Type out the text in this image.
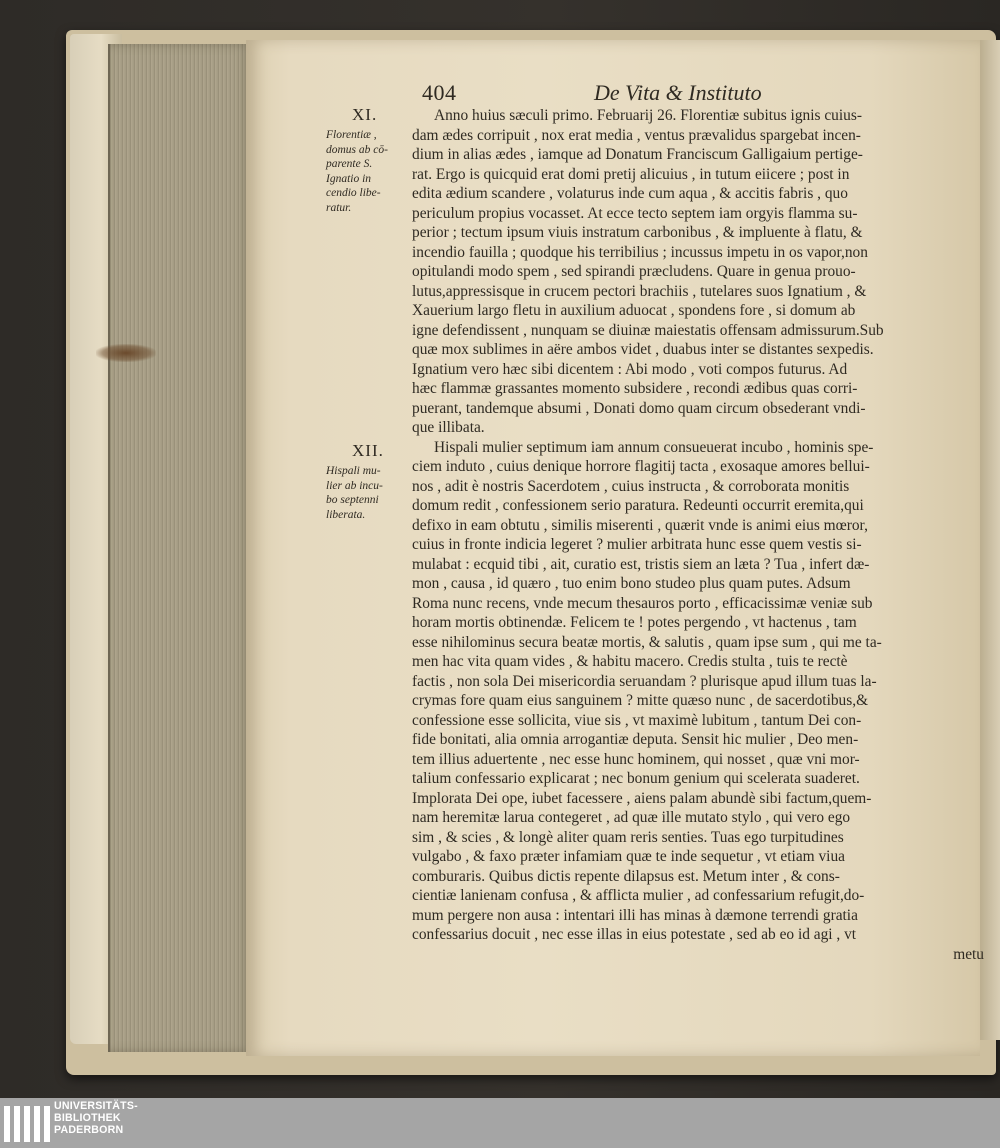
404	De Vita & Instituto
XI.
Florentiæ ,
domus ab cō-
parente S.
Ignatio in
cendio libe-
ratur.
XII.
Hispali mu-
lier ab incu-
bo septenni
liberata.
Anno huius sæculi primo. Februarij 26. Florentiæ subitus ignis cuius-
dam ædes corripuit , nox erat media , ventus prævalidus spargebat incen-
dium in alias ædes , iamque ad Donatum Franciscum Galligaium pertige-
rat. Ergo is quicquid erat domi pretij alicuius , in tutum eiicere ; post in
edita ædium scandere , volaturus inde cum aqua , & accitis fabris , quo
periculum propius vocasset. At ecce tecto septem iam orgyis flamma su-
perior ; tectum ipsum viuis instratum carbonibus , & impluente à flatu, &
incendio fauilla ; quodque his terribilius ; incussus impetu in os vapor,non
opitulandi modo spem , sed spirandi præcludens. Quare in genua prouo-
lutus,appressisque in crucem pectori brachiis , tutelares suos Ignatium , &
Xauerium largo fletu in auxilium aduocat , spondens fore , si domum ab
igne defendissent , nunquam se diuinæ maiestatis offensam admissurum.Sub
quæ mox sublimes in aëre ambos videt , duabus inter se distantes sexpedis.
Ignatium vero hæc sibi dicentem : Abi modo , voti compos futurus. Ad
hæc flammæ grassantes momento subsidere , recondi ædibus quas corri-
puerant, tandemque absumi , Donati domo quam circum obsederant vndi-
que illibata.
Hispali mulier septimum iam annum consueuerat incubo , hominis spe-
ciem induto , cuius denique horrore flagitij tacta , exosaque amores bellui-
nos , adit è nostris Sacerdotem , cuius instructa , & corroborata monitis
domum redit , confessionem serio paratura. Redeunti occurrit eremita,qui
defixo in eam obtutu , similis miserenti , quærit vnde is animi eius mœror,
cuius in fronte indicia legeret ? mulier arbitrata hunc esse quem vestis si-
mulabat : ecquid tibi , ait, curatio est, tristis siem an læta ? Tua , infert dæ-
mon , causa , id quæro , tuo enim bono studeo plus quam putes. Adsum
Roma nunc recens, vnde mecum thesauros porto , efficacissimæ veniæ sub
horam mortis obtinendæ. Felicem te ! potes pergendo , vt hactenus , tam
esse nihilominus secura beatæ mortis, & salutis , quam ipse sum , qui me ta-
men hac vita quam vides , & habitu macero. Credis stulta , tuis te rectè
factis , non sola Dei misericordia seruandam ? plurisque apud illum tuas la-
crymas fore quam eius sanguinem ? mitte quæso nunc , de sacerdotibus,&
confessione esse sollicita, viue sis , vt maximè lubitum , tantum Dei con-
fide bonitati, alia omnia arrogantiæ deputa. Sensit hic mulier , Deo men-
tem illius aduertente , nec esse hunc hominem, qui nosset , quæ vni mor-
talium confessario explicarat ; nec bonum genium qui scelerata suaderet.
Implorata Dei ope, iubet facessere , aiens palam abundè sibi factum,quem-
nam heremitæ larua contegeret , ad quæ ille mutato stylo , qui vero ego
sim , & scies , & longè aliter quam reris senties. Tuas ego turpitudines
vulgabo , & faxo præter infamiam quæ te inde sequetur , vt etiam viua
comburaris. Quibus dictis repente dilapsus est. Metum inter , & cons-
cientiæ lanienam confusa , & afflicta mulier , ad confessarium refugit,do-
mum pergere non ausa : intentari illi has minas à dæmone terrendi gratia
confessarius docuit , nec esse illas in eius potestate , sed ab eo id agi , vt
metu
UNIVERSITÄTS-
BIBLIOTHEK
PADERBORN
